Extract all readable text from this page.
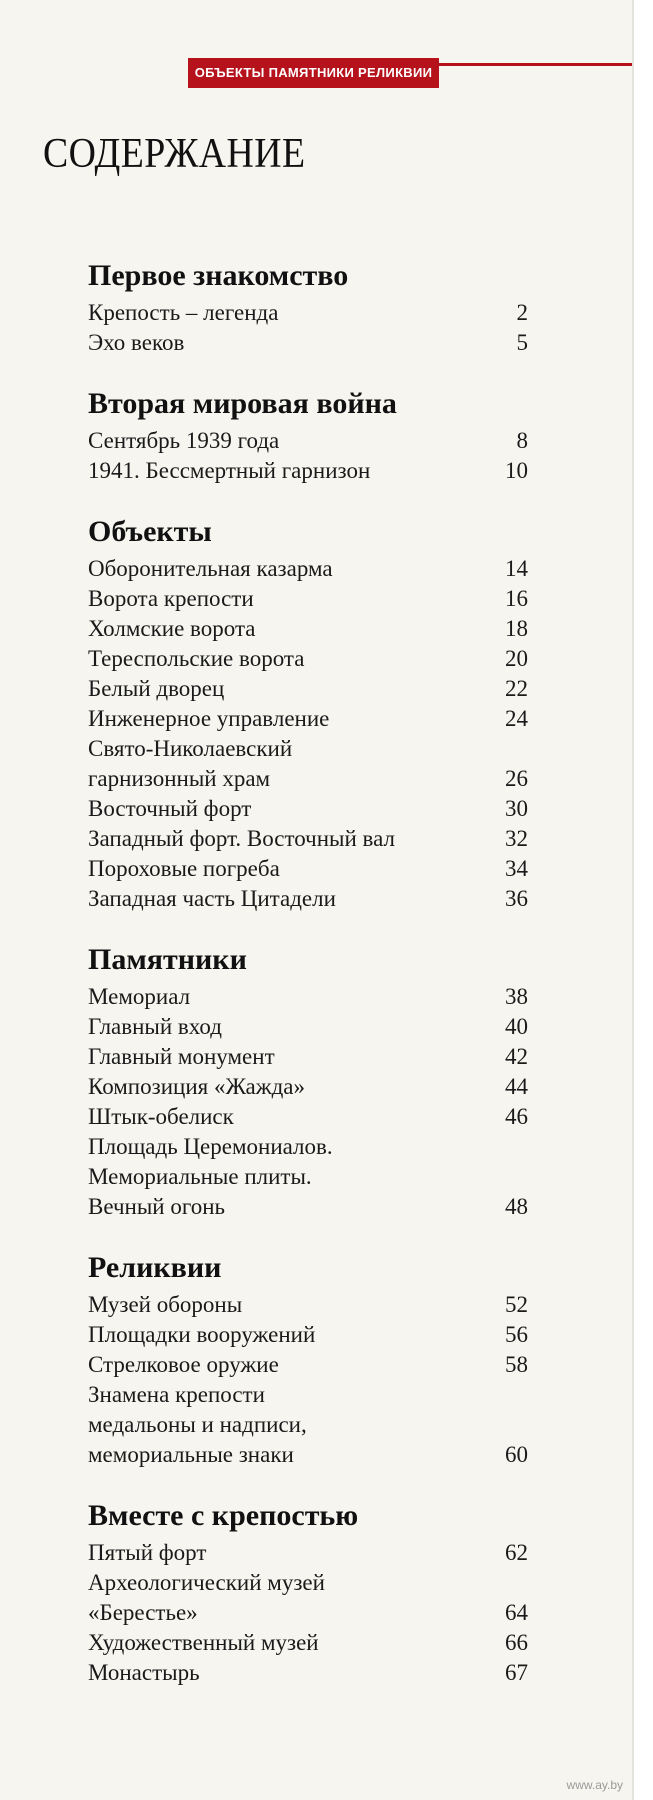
ОБЪЕКТЫ ПАМЯТНИКИ РЕЛИКВИИ
СОДЕРЖАНИЕ
Первое знакомство
Крепость – легенда	2
Эхо веков	5
Вторая мировая война
Сентябрь 1939 года	8
1941. Бессмертный гарнизон	10
Объекты
Оборонительная казарма	14
Ворота крепости	16
Холмские ворота	18
Тереспольские ворота	20
Белый дворец	22
Инженерное управление	24
Свято-Николаевский
гарнизонный храм	26
Восточный форт	30
Западный форт. Восточный вал	32
Пороховые погреба	34
Западная часть Цитадели	36
Памятники
Мемориал	38
Главный вход	40
Главный монумент	42
Композиция «Жажда»	44
Штык-обелиск	46
Площадь Церемониалов.
Мемориальные плиты.
Вечный огонь	48
Реликвии
Музей обороны	52
Площадки вооружений	56
Стрелковое оружие	58
Знамена крепости
медальоны и надписи,
мемориальные знаки	60
Вместе с крепостью
Пятый форт	62
Археологический музей
«Берестье»	64
Художественный музей	66
Монастырь	67
www.ay.by
